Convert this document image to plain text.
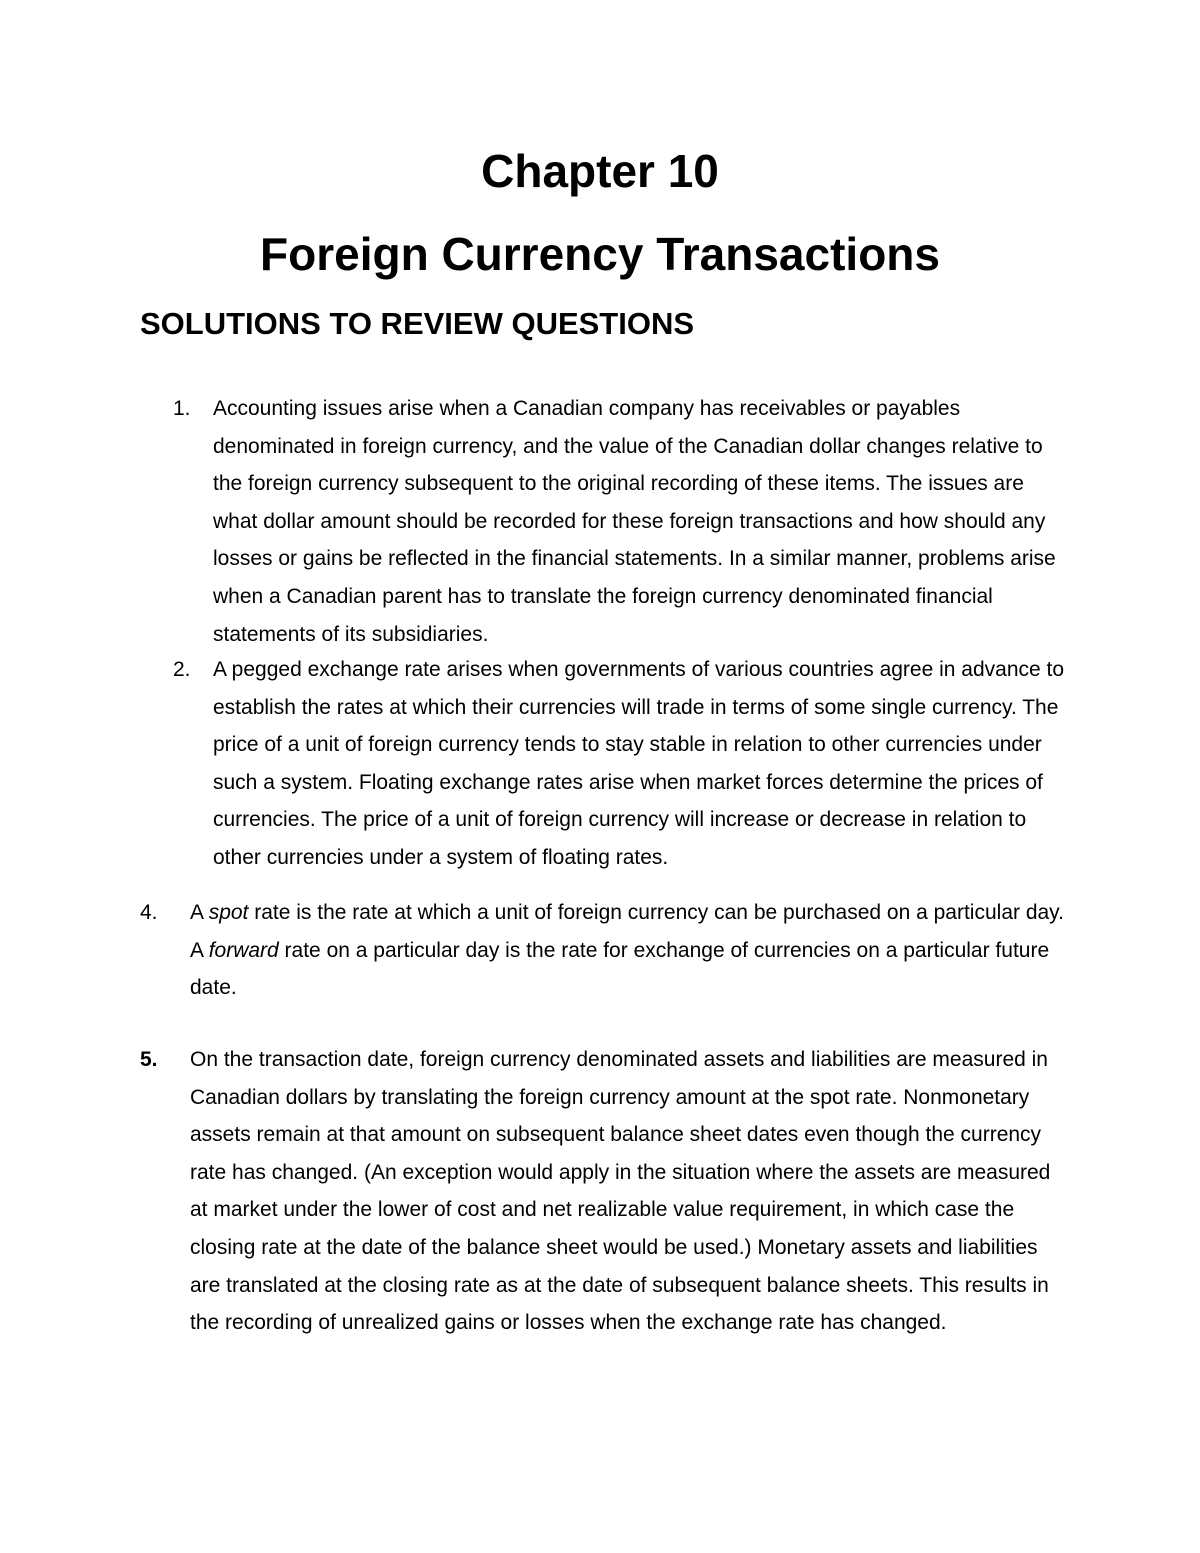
Chapter 10
Foreign Currency Transactions
SOLUTIONS TO REVIEW QUESTIONS
1. Accounting issues arise when a Canadian company has receivables or payables denominated in foreign currency, and the value of the Canadian dollar changes relative to the foreign currency subsequent to the original recording of these items. The issues are what dollar amount should be recorded for these foreign transactions and how should any losses or gains be reflected in the financial statements. In a similar manner, problems arise when a Canadian parent has to translate the foreign currency denominated financial statements of its subsidiaries.
2. A pegged exchange rate arises when governments of various countries agree in advance to establish the rates at which their currencies will trade in terms of some single currency. The price of a unit of foreign currency tends to stay stable in relation to other currencies under such a system. Floating exchange rates arise when market forces determine the prices of currencies. The price of a unit of foreign currency will increase or decrease in relation to other currencies under a system of floating rates.
4. A spot rate is the rate at which a unit of foreign currency can be purchased on a particular day. A forward rate on a particular day is the rate for exchange of currencies on a particular future date.
5. On the transaction date, foreign currency denominated assets and liabilities are measured in Canadian dollars by translating the foreign currency amount at the spot rate. Nonmonetary assets remain at that amount on subsequent balance sheet dates even though the currency rate has changed. (An exception would apply in the situation where the assets are measured at market under the lower of cost and net realizable value requirement, in which case the closing rate at the date of the balance sheet would be used.) Monetary assets and liabilities are translated at the closing rate as at the date of subsequent balance sheets. This results in the recording of unrealized gains or losses when the exchange rate has changed.
